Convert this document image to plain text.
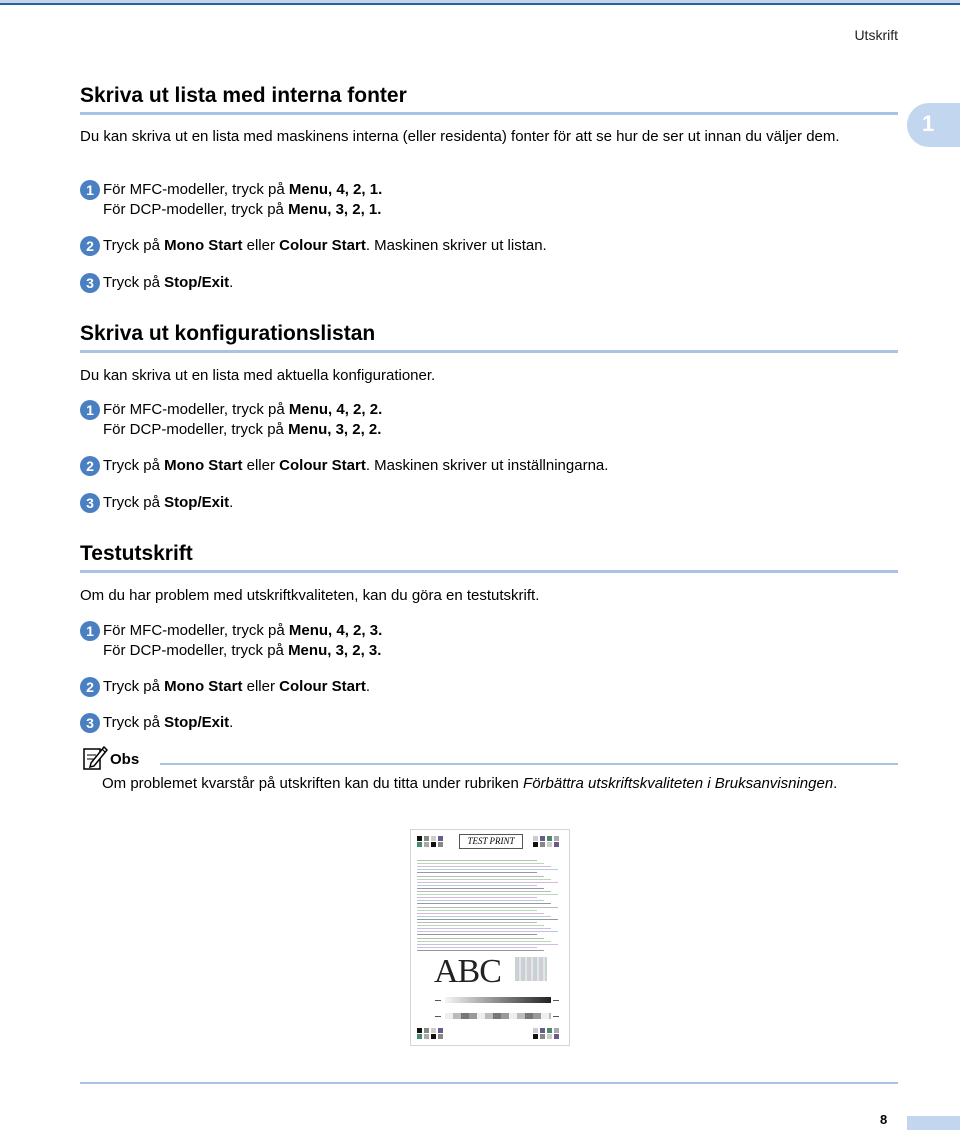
Utskrift
1
Skriva ut lista med interna fonter

Du kan skriva ut en lista med maskinens interna (eller residenta) fonter för att se hur de ser ut innan du väljer dem.

1 För MFC-modeller, tryck på Menu, 4, 2, 1.
För DCP-modeller, tryck på Menu, 3, 2, 1.
2 Tryck på Mono Start eller Colour Start. Maskinen skriver ut listan.
3 Tryck på Stop/Exit.
Skriva ut konfigurationslistan

Du kan skriva ut en lista med aktuella konfigurationer.

1 För MFC-modeller, tryck på Menu, 4, 2, 2.
För DCP-modeller, tryck på Menu, 3, 2, 2.
2 Tryck på Mono Start eller Colour Start. Maskinen skriver ut inställningarna.
3 Tryck på Stop/Exit.
Testutskrift

Om du har problem med utskriftkvaliteten, kan du göra en testutskrift.

1 För MFC-modeller, tryck på Menu, 4, 2, 3.
För DCP-modeller, tryck på Menu, 3, 2, 3.
2 Tryck på Mono Start eller Colour Start.
3 Tryck på Stop/Exit.
Obs
Om problemet kvarstår på utskriften kan du titta under rubriken Förbättra utskriftskvaliteten i Bruksanvisningen.
TEST PRINT
ABC
8
